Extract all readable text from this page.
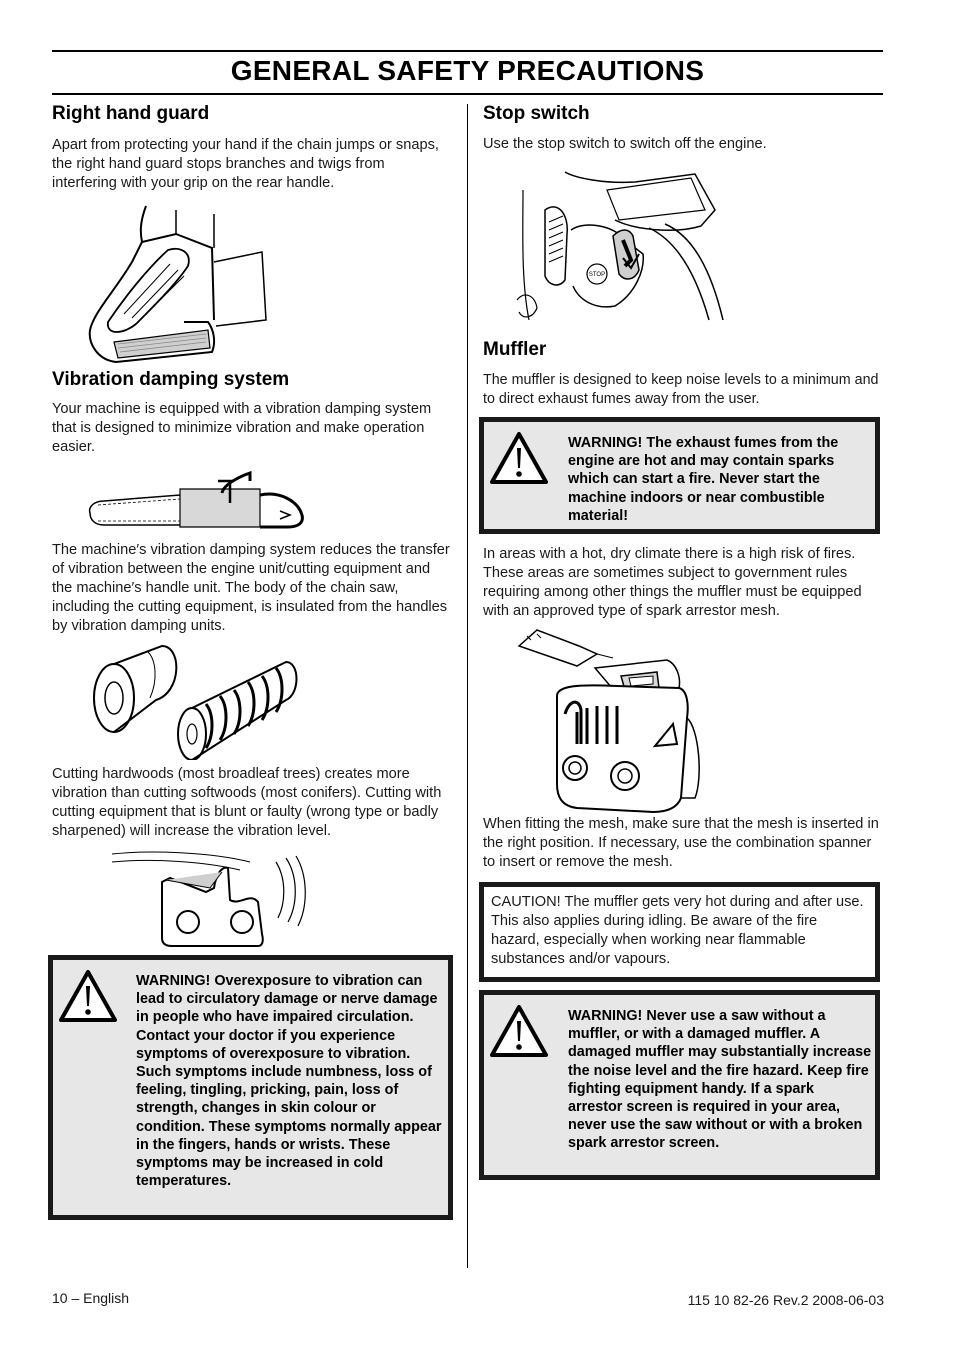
GENERAL SAFETY PRECAUTIONS
Right hand guard

Apart from protecting your hand if the chain jumps or snaps, the right hand guard stops branches and twigs from interfering with your grip on the rear handle.

Vibration damping system

Your machine is equipped with a vibration damping system that is designed to minimize vibration and make operation easier.

The machine′s vibration damping system reduces the transfer of vibration between the engine unit/cutting equipment and the machine′s handle unit. The body of the chain saw, including the cutting equipment, is insulated from the handles by vibration damping units.

Cutting hardwoods (most broadleaf trees) creates more vibration than cutting softwoods (most conifers). Cutting with cutting equipment that is blunt or faulty (wrong type or badly sharpened) will increase the vibration level.

WARNING! Overexposure to vibration can lead to circulatory damage or nerve damage in people who have impaired circulation. Contact your doctor if you experience symptoms of overexposure to vibration. Such symptoms include numbness, loss of feeling, tingling, pricking, pain, loss of strength, changes in skin colour or condition. These symptoms normally appear in the fingers, hands or wrists. These symptoms may be increased in cold temperatures.
Stop switch

Use the stop switch to switch off the engine.

STOP
Muffler

The muffler is designed to keep noise levels to a minimum and to direct exhaust fumes away from the user.

WARNING! The exhaust fumes from the engine are hot and may contain sparks which can start a fire. Never start the machine indoors or near combustible material!

In areas with a hot, dry climate there is a high risk of fires. These areas are sometimes subject to government rules requiring among other things the muffler must be equipped with an approved type of spark arrestor mesh.

When fitting the mesh, make sure that the mesh is inserted in the right position. If necessary, use the combination spanner to insert or remove the mesh.

CAUTION! The muffler gets very hot during and after use. This also applies during idling. Be aware of the fire hazard, especially when working near flammable substances and/or vapours.
WARNING! Never use a saw without a muffler, or with a damaged muffler. A damaged muffler may substantially increase the noise level and the fire hazard. Keep fire fighting equipment handy. If a spark arrestor screen is required in your area, never use the saw without or with a broken spark arrestor screen.
10 – English	115 10 82-26 Rev.2 2008-06-03
